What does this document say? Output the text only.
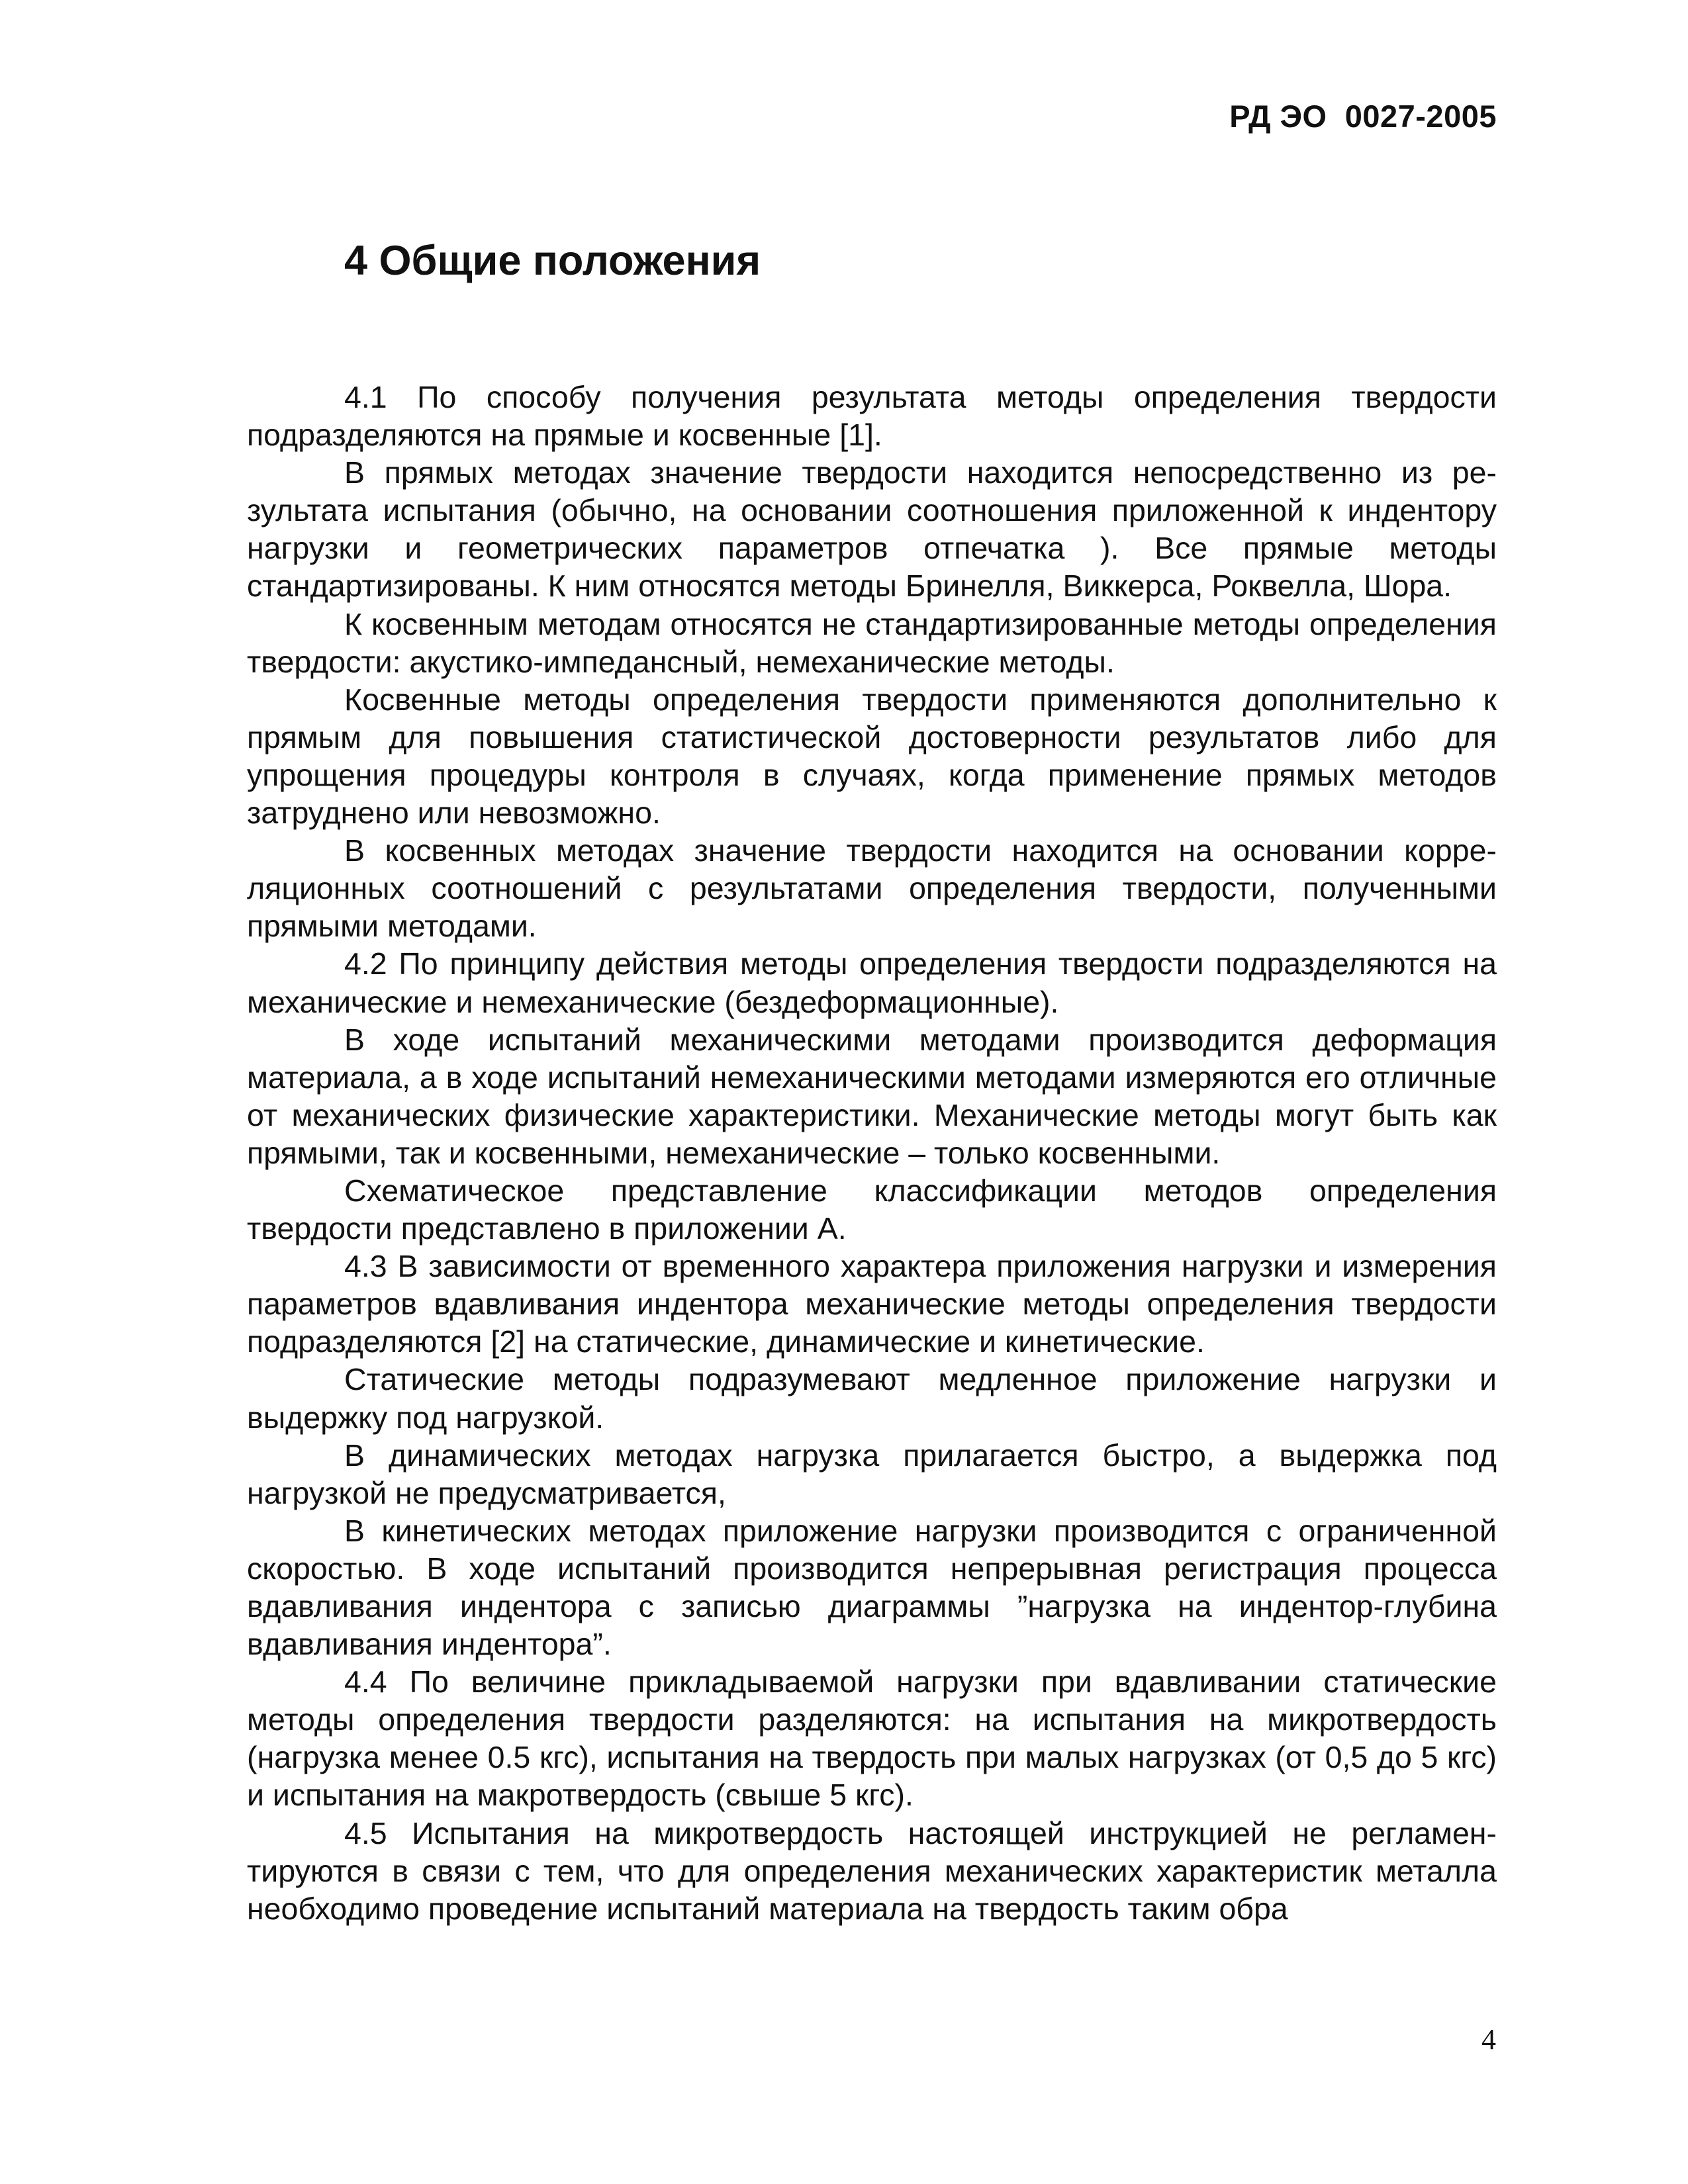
РД ЭО  0027-2005
4 Общие положения

4.1 По способу получения результата методы определения твердости подразделяются на прямые и косвенные [1].

В прямых методах значение твердости находится непосредственно из результата испытания (обычно, на основании соотношения приложенной к индентору нагрузки и геометрических параметров отпечатка ). Все прямые методы стандартизированы. К ним относятся методы Бринелля, Виккерса, Роквелла, Шора.

К косвенным методам относятся не стандартизированные методы определения твердости: акустико-импедансный, немеханические методы.

Косвенные методы определения твердости применяются дополнительно к прямым для повышения статистической достоверности результатов либо для упрощения процедуры контроля в случаях, когда применение прямых методов затруднено или невозможно.

В косвенных методах значение твердости находится на основании корреляционных соотношений с результатами определения твердости, полученными прямыми методами.

4.2 По принципу действия методы определения твердости подразделяются на механические и немеханические (бездеформационные).

В ходе испытаний механическими методами производится деформация материала, а в ходе испытаний немеханическими методами измеряются его отличные от механических физические характеристики. Механические методы могут быть как прямыми, так и косвенными, немеханические – только косвенными.

Схематическое представление классификации методов определения твердости представлено в приложении А.

4.3 В зависимости от временного характера приложения нагрузки и измерения параметров вдавливания индентора механические методы определения твердости подразделяются [2] на статические, динамические и кинетические.

Статические методы подразумевают медленное приложение нагрузки и выдержку под нагрузкой.

В динамических методах нагрузка прилагается быстро, а выдержка под нагрузкой не предусматривается,

В кинетических методах приложение нагрузки производится с ограниченной скоростью. В ходе испытаний производится непрерывная регистрация процесса вдавливания индентора с записью диаграммы ”нагрузка на индентор-глубина вдавливания индентора”.

4.4 По величине прикладываемой нагрузки при вдавливании статические методы определения твердости разделяются: на испытания на микротвердость (нагрузка менее 0.5 кгс), испытания на твердость при малых нагрузках (от 0,5 до 5 кгс) и испытания на макротвердость (свыше 5 кгс).

4.5 Испытания на микротвердость настоящей инструкцией не регламентируются в связи с тем, что для определения механических характеристик металла необходимо проведение испытаний материала на твердость таким обра

4
